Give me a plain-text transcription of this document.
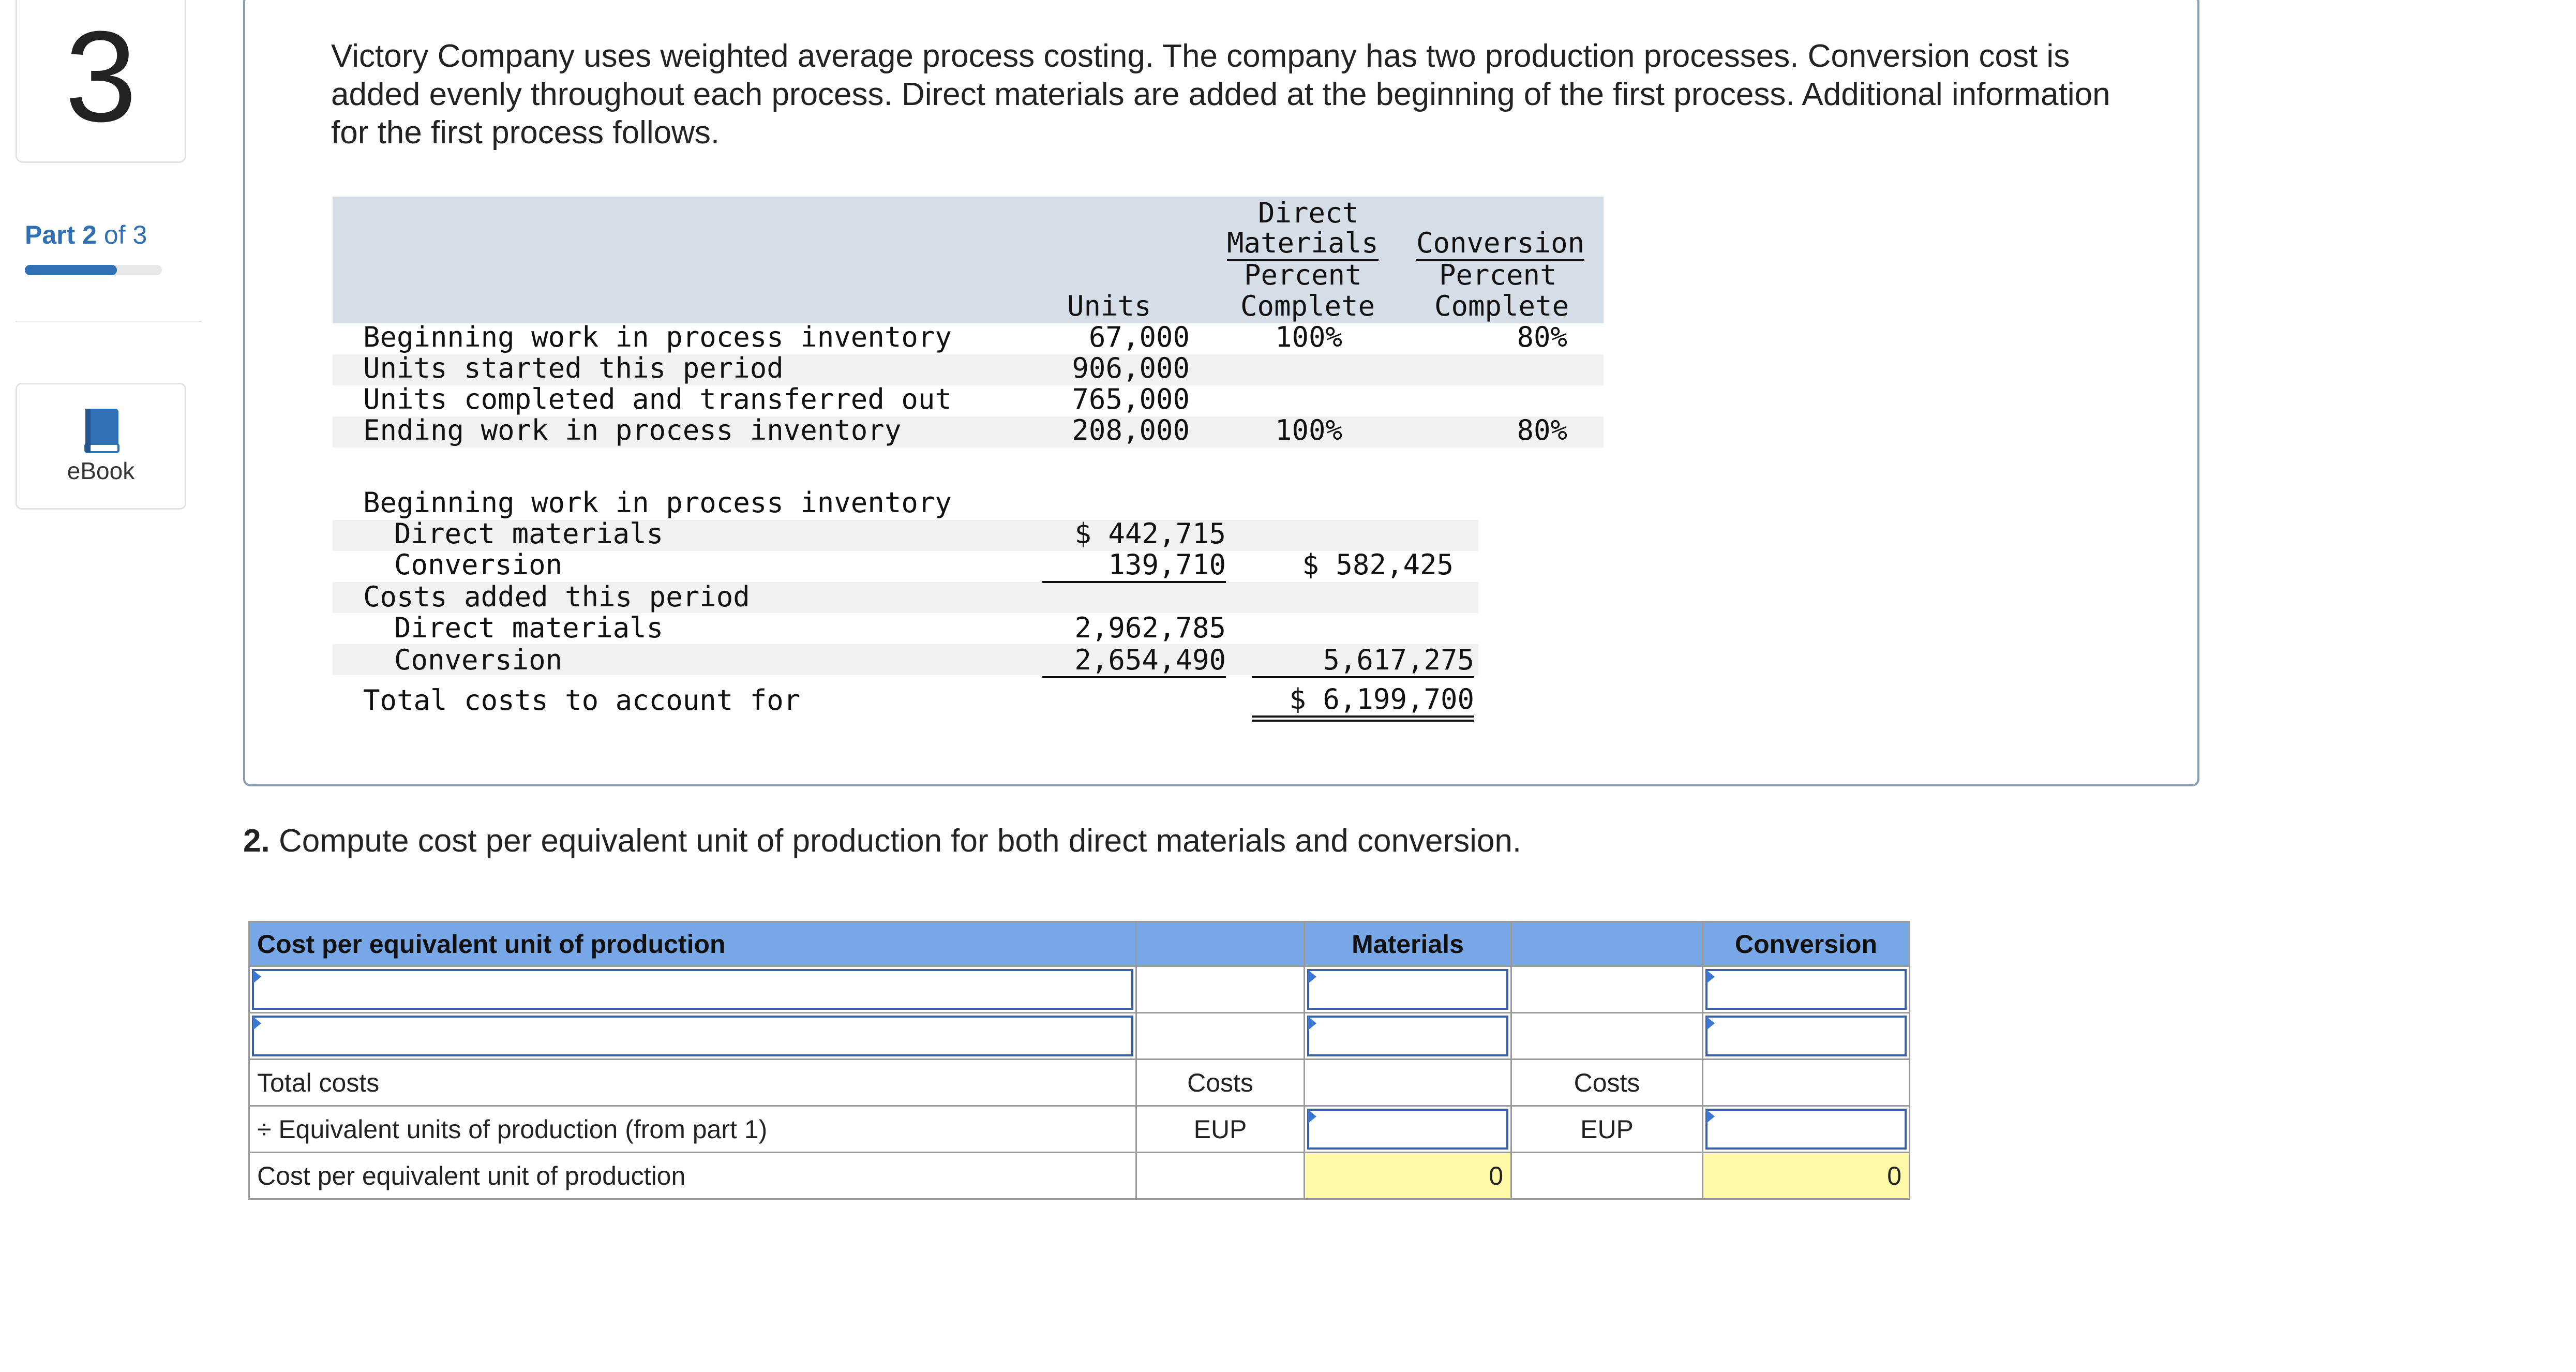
3
Part 2 of 3
eBook
Victory Company uses weighted average process costing. The company has two production processes. Conversion cost is added evenly throughout each process. Direct materials are added at the beginning of the first process. Additional information for the first process follows.
Direct
Materials Conversion
Percent	Percent
Units	Complete Complete
Beginning work in process inventory	67,000	100%	80%
Units started this period	906,000
Units completed and transferred out	765,000
Ending work in process inventory	208,000	100%	80%
Beginning work in process inventory
Direct materials	$ 442,715
Conversion	139,710	$ 582,425
Costs added this period
Direct materials	2,962,785
Conversion	2,654,490	5,617,275
Total costs to account for	$ 6,199,700
2. Compute cost per equivalent unit of production for both direct materials and conversion.
Cost per equivalent unit of production		Materials		Conversion

Total costs	Costs		Costs	
÷ Equivalent units of production (from part 1)	EUP		EUP	

Cost per equivalent unit of production		0		0
